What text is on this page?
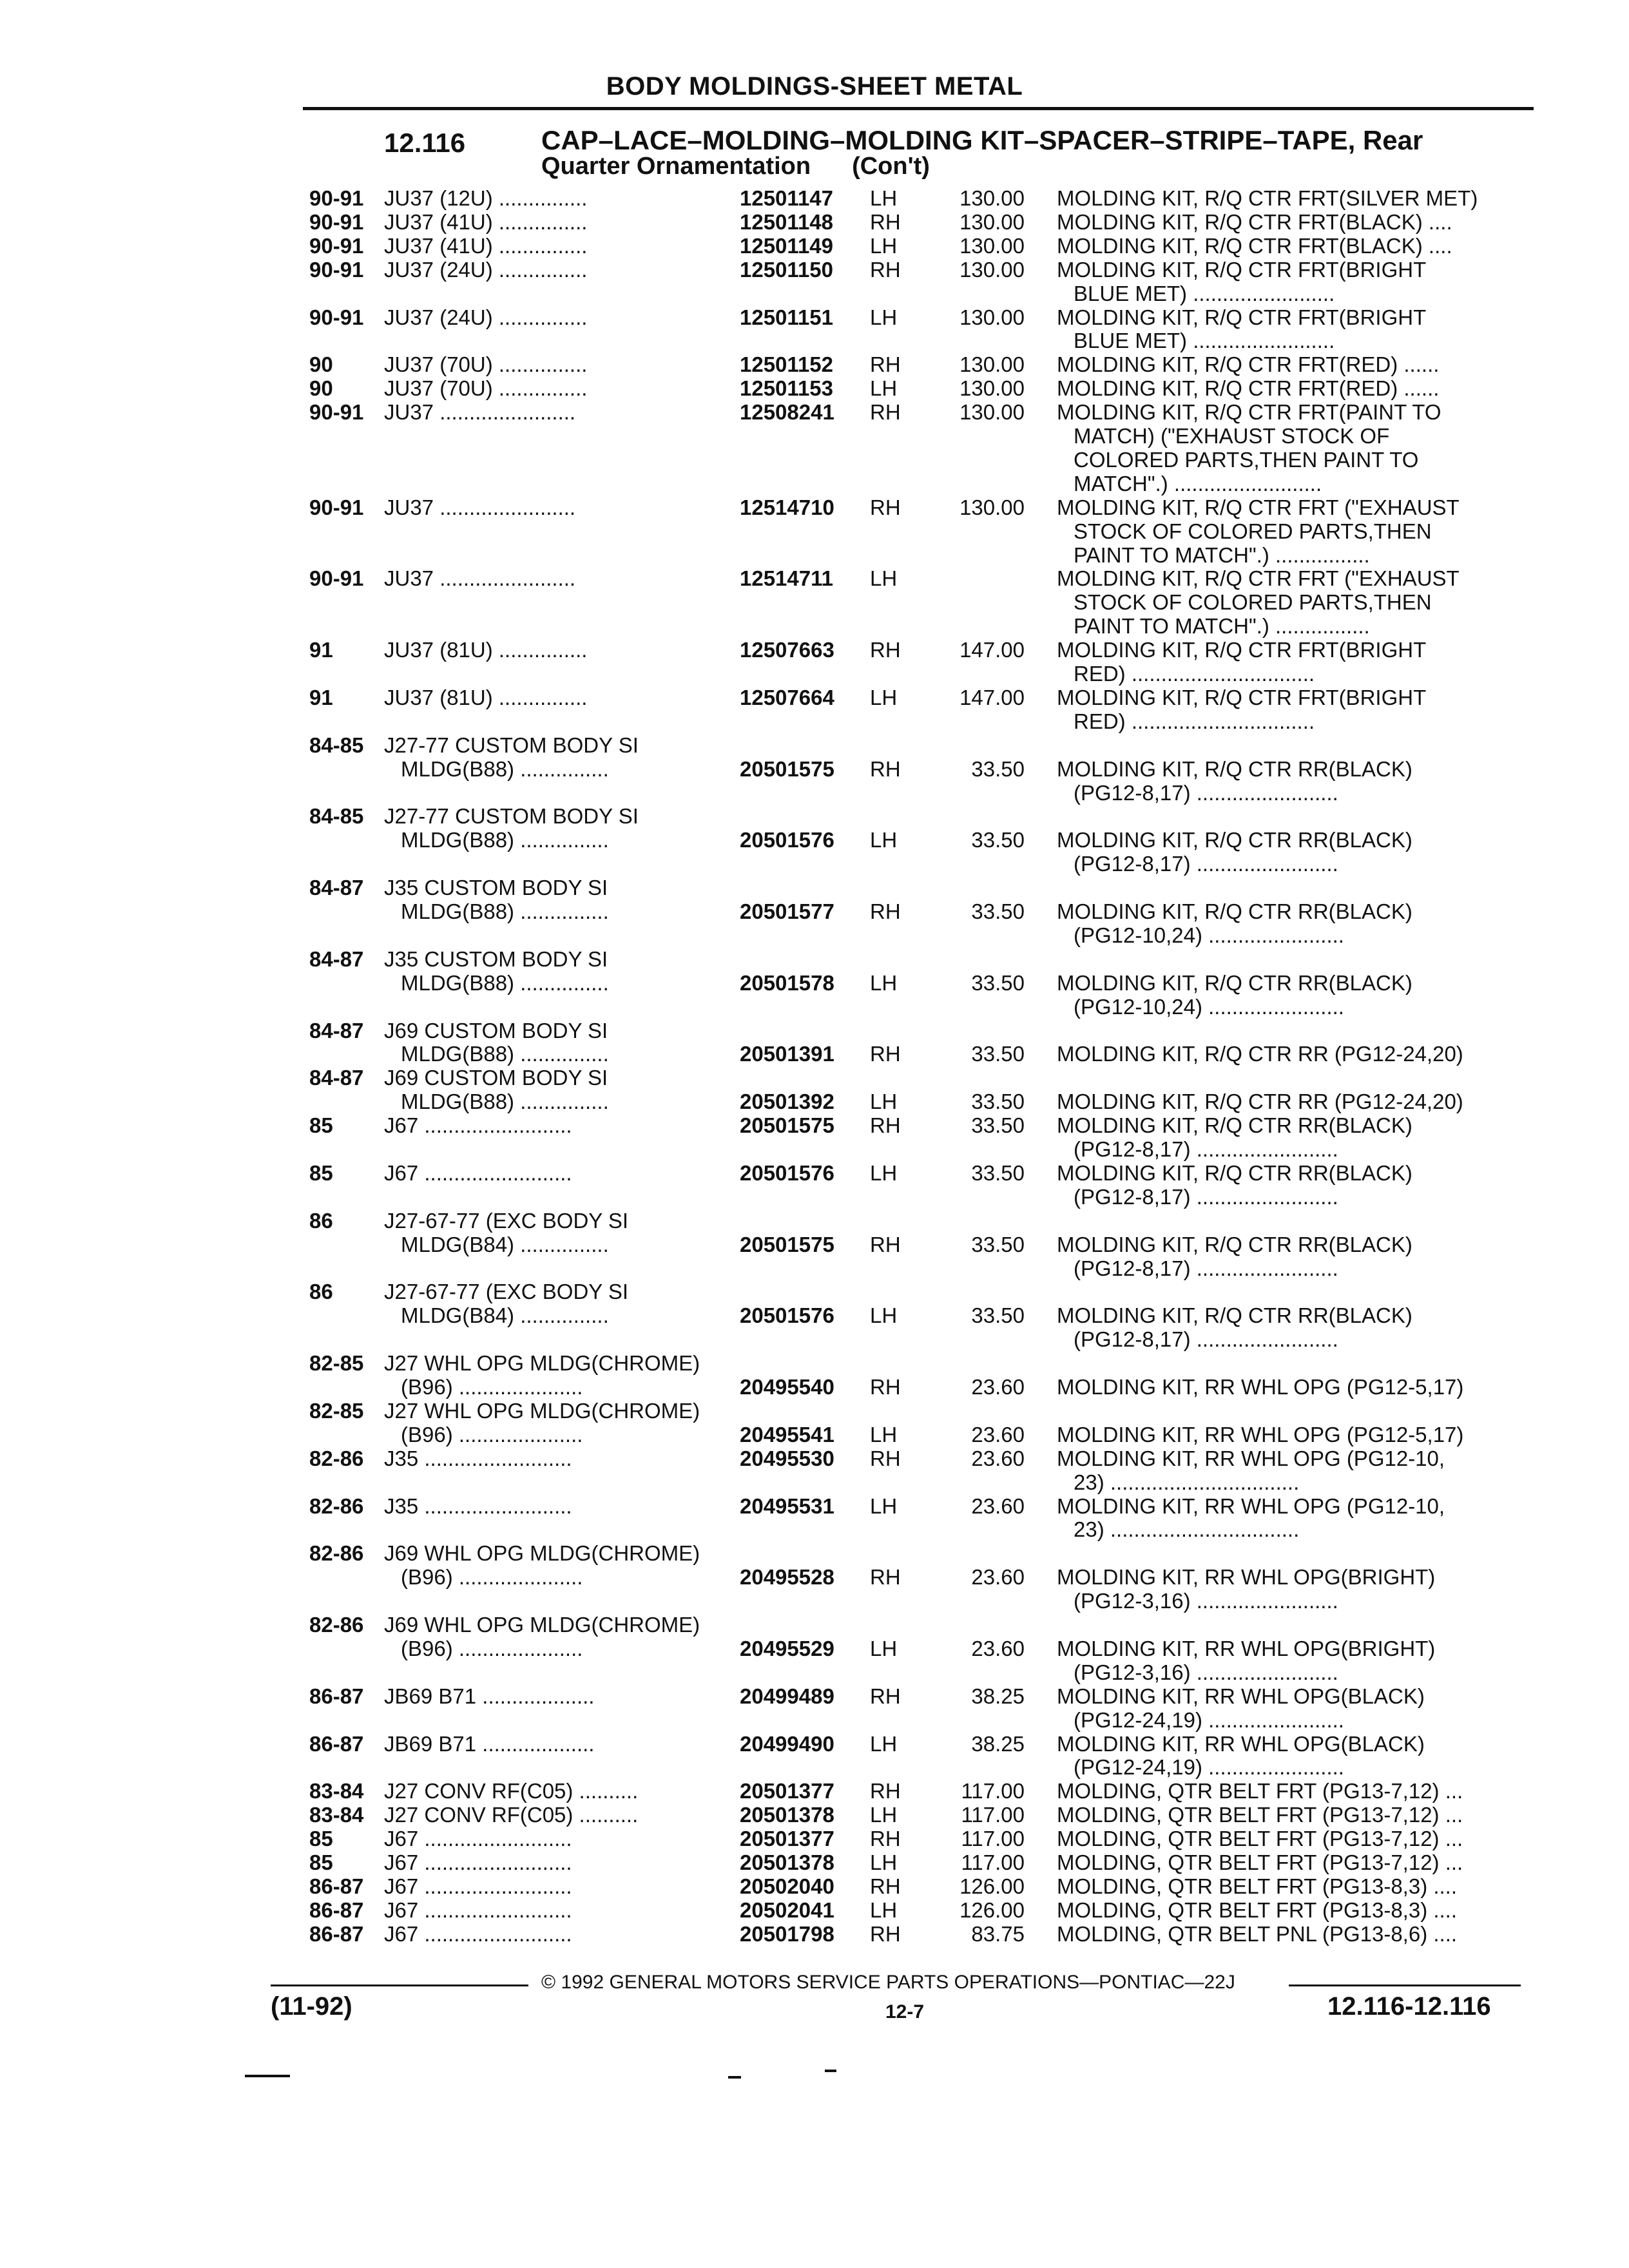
BODY MOLDINGS-SHEET METAL
12.116	CAP–LACE–MOLDING–MOLDING KIT–SPACER–STRIPE–TAPE, Rear
Quarter Ornamentation (Con't)
90-91 JU37 (12U) ...............	12501147 LH	130.00 MOLDING KIT, R/Q CTR FRT(SILVER MET)
90-91 JU37 (41U) ...............	12501148 RH	130.00 MOLDING KIT, R/Q CTR FRT(BLACK) ....
90-91 JU37 (41U) ...............	12501149 LH	130.00 MOLDING KIT, R/Q CTR FRT(BLACK) ....
90-91 JU37 (24U) ...............	12501150 RH	130.00 MOLDING KIT, R/Q CTR FRT(BRIGHT
BLUE MET) ........................
90-91 JU37 (24U) ...............	12501151 LH	130.00 MOLDING KIT, R/Q CTR FRT(BRIGHT
BLUE MET) ........................
90 JU37 (70U) ...............	12501152 RH	130.00 MOLDING KIT, R/Q CTR FRT(RED) ......
90 JU37 (70U) ...............	12501153 LH	130.00 MOLDING KIT, R/Q CTR FRT(RED) ......
90-91 JU37 .......................	12508241 RH	130.00 MOLDING KIT, R/Q CTR FRT(PAINT TO
MATCH) ("EXHAUST STOCK OF
COLORED PARTS,THEN PAINT TO
MATCH".) .........................
90-91 JU37 .......................	12514710 RH	130.00 MOLDING KIT, R/Q CTR FRT ("EXHAUST
STOCK OF COLORED PARTS,THEN
PAINT TO MATCH".) ................
90-91 JU37 .......................	12514711 LH	MOLDING KIT, R/Q CTR FRT ("EXHAUST
STOCK OF COLORED PARTS,THEN
PAINT TO MATCH".) ................
91 JU37 (81U) ...............	12507663 RH	147.00 MOLDING KIT, R/Q CTR FRT(BRIGHT
RED) ...............................
91 JU37 (81U) ...............	12507664 LH	147.00 MOLDING KIT, R/Q CTR FRT(BRIGHT
RED) ...............................
84-85 J27-77 CUSTOM BODY SI
MLDG(B88) ...............	20501575 RH	33.50 MOLDING KIT, R/Q CTR RR(BLACK)
(PG12-8,17) ........................
84-85 J27-77 CUSTOM BODY SI
MLDG(B88) ...............	20501576 LH	33.50 MOLDING KIT, R/Q CTR RR(BLACK)
(PG12-8,17) ........................
84-87 J35 CUSTOM BODY SI
MLDG(B88) ...............	20501577 RH	33.50 MOLDING KIT, R/Q CTR RR(BLACK)
(PG12-10,24) .......................
84-87 J35 CUSTOM BODY SI
MLDG(B88) ...............	20501578 LH	33.50 MOLDING KIT, R/Q CTR RR(BLACK)
(PG12-10,24) .......................
84-87 J69 CUSTOM BODY SI
MLDG(B88) ...............	20501391 RH	33.50 MOLDING KIT, R/Q CTR RR (PG12-24,20)
84-87 J69 CUSTOM BODY SI
MLDG(B88) ...............	20501392 LH	33.50 MOLDING KIT, R/Q CTR RR (PG12-24,20)
85 J67 .........................	20501575 RH	33.50 MOLDING KIT, R/Q CTR RR(BLACK)
(PG12-8,17) ........................
85 J67 .........................	20501576 LH	33.50 MOLDING KIT, R/Q CTR RR(BLACK)
(PG12-8,17) ........................
86 J27-67-77 (EXC BODY SI
MLDG(B84) ...............	20501575 RH	33.50 MOLDING KIT, R/Q CTR RR(BLACK)
(PG12-8,17) ........................
86 J27-67-77 (EXC BODY SI
MLDG(B84) ...............	20501576 LH	33.50 MOLDING KIT, R/Q CTR RR(BLACK)
(PG12-8,17) ........................
82-85 J27 WHL OPG MLDG(CHROME)
(B96) .....................	20495540 RH	23.60 MOLDING KIT, RR WHL OPG (PG12-5,17)
82-85 J27 WHL OPG MLDG(CHROME)
(B96) .....................	20495541 LH	23.60 MOLDING KIT, RR WHL OPG (PG12-5,17)
82-86 J35 .........................	20495530 RH	23.60 MOLDING KIT, RR WHL OPG (PG12-10,
23) ................................
82-86 J35 .........................	20495531 LH	23.60 MOLDING KIT, RR WHL OPG (PG12-10,
23) ................................
82-86 J69 WHL OPG MLDG(CHROME)
(B96) .....................	20495528 RH	23.60 MOLDING KIT, RR WHL OPG(BRIGHT)
(PG12-3,16) ........................
82-86 J69 WHL OPG MLDG(CHROME)
(B96) .....................	20495529 LH	23.60 MOLDING KIT, RR WHL OPG(BRIGHT)
(PG12-3,16) ........................
86-87 JB69 B71 ...................	20499489 RH	38.25 MOLDING KIT, RR WHL OPG(BLACK)
(PG12-24,19) .......................
86-87 JB69 B71 ...................	20499490 LH	38.25 MOLDING KIT, RR WHL OPG(BLACK)
(PG12-24,19) .......................
83-84 J27 CONV RF(C05) ..........	20501377 RH	117.00 MOLDING, QTR BELT FRT (PG13-7,12) ...
83-84 J27 CONV RF(C05) ..........	20501378 LH	117.00 MOLDING, QTR BELT FRT (PG13-7,12) ...
85 J67 .........................	20501377 RH	117.00 MOLDING, QTR BELT FRT (PG13-7,12) ...
85 J67 .........................	20501378 LH	117.00 MOLDING, QTR BELT FRT (PG13-7,12) ...
86-87 J67 .........................	20502040 RH	126.00 MOLDING, QTR BELT FRT (PG13-8,3) ....
86-87 J67 .........................	20502041 LH	126.00 MOLDING, QTR BELT FRT (PG13-8,3) ....
86-87 J67 .........................	20501798 RH	83.75 MOLDING, QTR BELT PNL (PG13-8,6) ....
© 1992 GENERAL MOTORS SERVICE PARTS OPERATIONS—PONTIAC—22J
(11-92)	12-7	12.116-12.116
